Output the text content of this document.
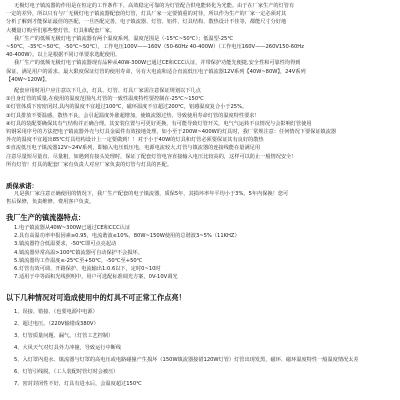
无极灯电子镇流器的作用是在恒定的工作条件下，高效稳定可靠的为灯管配合供电能转化为光能。由于在厂家生产的灯管有
一定的差异，所以只有与厂无极灯电子镇流器配套的灯管，灯具厂家一定要慎重的对待，所以作为生产的厂家一定必须对其
分析了解到才能保证最佳的匹配，一旦匹配完善，电子镇流器、灯管、铝件、灯具结构、散热设计不佳等，都能尺寸分好地
大概量订购至们那些整灯管，灯具和配套厂家。
我厂生产的低频无极灯电子镇流器有两个温度系列，温度范围是（-15℃~50℃）；低温型-25℃
~50℃，-35℃~50℃，-50℃~50℃），工作电压100V——160V（50-60Hz 40-400W）（工作电压160V——260V150-60Hz
40-400W）。以上是根据不同订单要求选配使用。
我厂生产的低频无极灯电子镇流器现有品种从40W-300W已通过CE和CCC认证，并带保护功能先便捷,安全性和可靠性均得到
保证，满足用户的需求。最大限度保证灯管的使用寿命，另有大电流和适合直流低压电子镇流器12V系列【40W~80W】，24V系列
【40W~120W】。
配套应用时用户应注意以下几点，灯具、灯管、灯具厂家需注意保证规划以下几点
①自身灯管的质量,在使用的温度范围内,灯管的一致性温度特性要控制在-25℃~150℃
②灯管体质下密密闭封,具内的温度不宜超过100℃，磁环温度不宜超过200℃，铝感温度复合小于25%。
③灯具排放不要温感，散热不良，会引起温度外涨超增加，使镇流器过热，导致使用寿命灯管的温度特性要求！
④灯具的装配要确保其有气结构并正确合理。其安装位置与可更好更换，有可能导致灯管开关，电气气运转不良情况与会影响灯管使用
钨钢采用序号的方法把电子镇流器外壳与灯具金属件有效接地处理，如小至于200W~400W的灯具时，我厂常规注意：任何情况下要保证镇流器
外壳的温度不宜超出85℃灯具结构设计上一定要做到！！对于小于40W的灯具和灯管必须要保证其有良好的散热
⑤直流低压电子镇流器12V~24V系列，即输入电压低压电，电源电流较大,灯管与镇流器的连接线能在量满足用
注意尽量短尽量直、尽量粗，如遇到有接头处理时，保证了配套灯管电容直接输入电压比较高的，这样可以防止一般情况安全！
所有灯管！灯具的配套厂家有负责人对应厂家负责的灯管与灯具的匹配。
质保承诺：
凡是我厂家注意正确使用的情况下，我厂生产配套的电子镇流器，质保5年，其损坏率年平均小于3%，5年内保换！您可
售后保修，负责维修、费用客户负责。
我厂生产的镇流器特点：
1.电子镇流器从40W~300W已通过CE和CCC认证
2.具有高温功率申报因素≥0.95，电流谐波≤10%，80W~150W使用的总谐波3~5%（11KHZ）
3.镇流器符合低温要求，-50℃即可点亮起动
4.镇流器异常高温>100℃镇流器可自动保护不会损坏。
5.镇流器均工作温度≤-25℃至+50℃，-50℃至+50℃
6.灯管有效可调、开路保护、电流输出1:0.6以下，定时0~10时
7.适用于中等面积光线照明中，用户可选配标准调光方案，0V-10V调光
以下几种情况对可造成使用中的灯具不可正常工作点亮！
1、误接、错接、（也要电源中电源）
2、超过电压。（220V输错成380V）
3、灯管质量问题、漏气。（灯管工艺控制）
4、大风天气对灯具外力冲撞，导致运行中断线
5、入灯罩内进水、镇流器与灯罩的高电压或电路碰撞产生损坏（150W镇流器接错120W灯管）灯管出现发黑，磁环、磁环温度特性一般温度情况太差
6、灯管引线脱，（工人装配时管灯时会被压）
7、密封封闭性不好，灯具有进水后，会温度超过150℃
